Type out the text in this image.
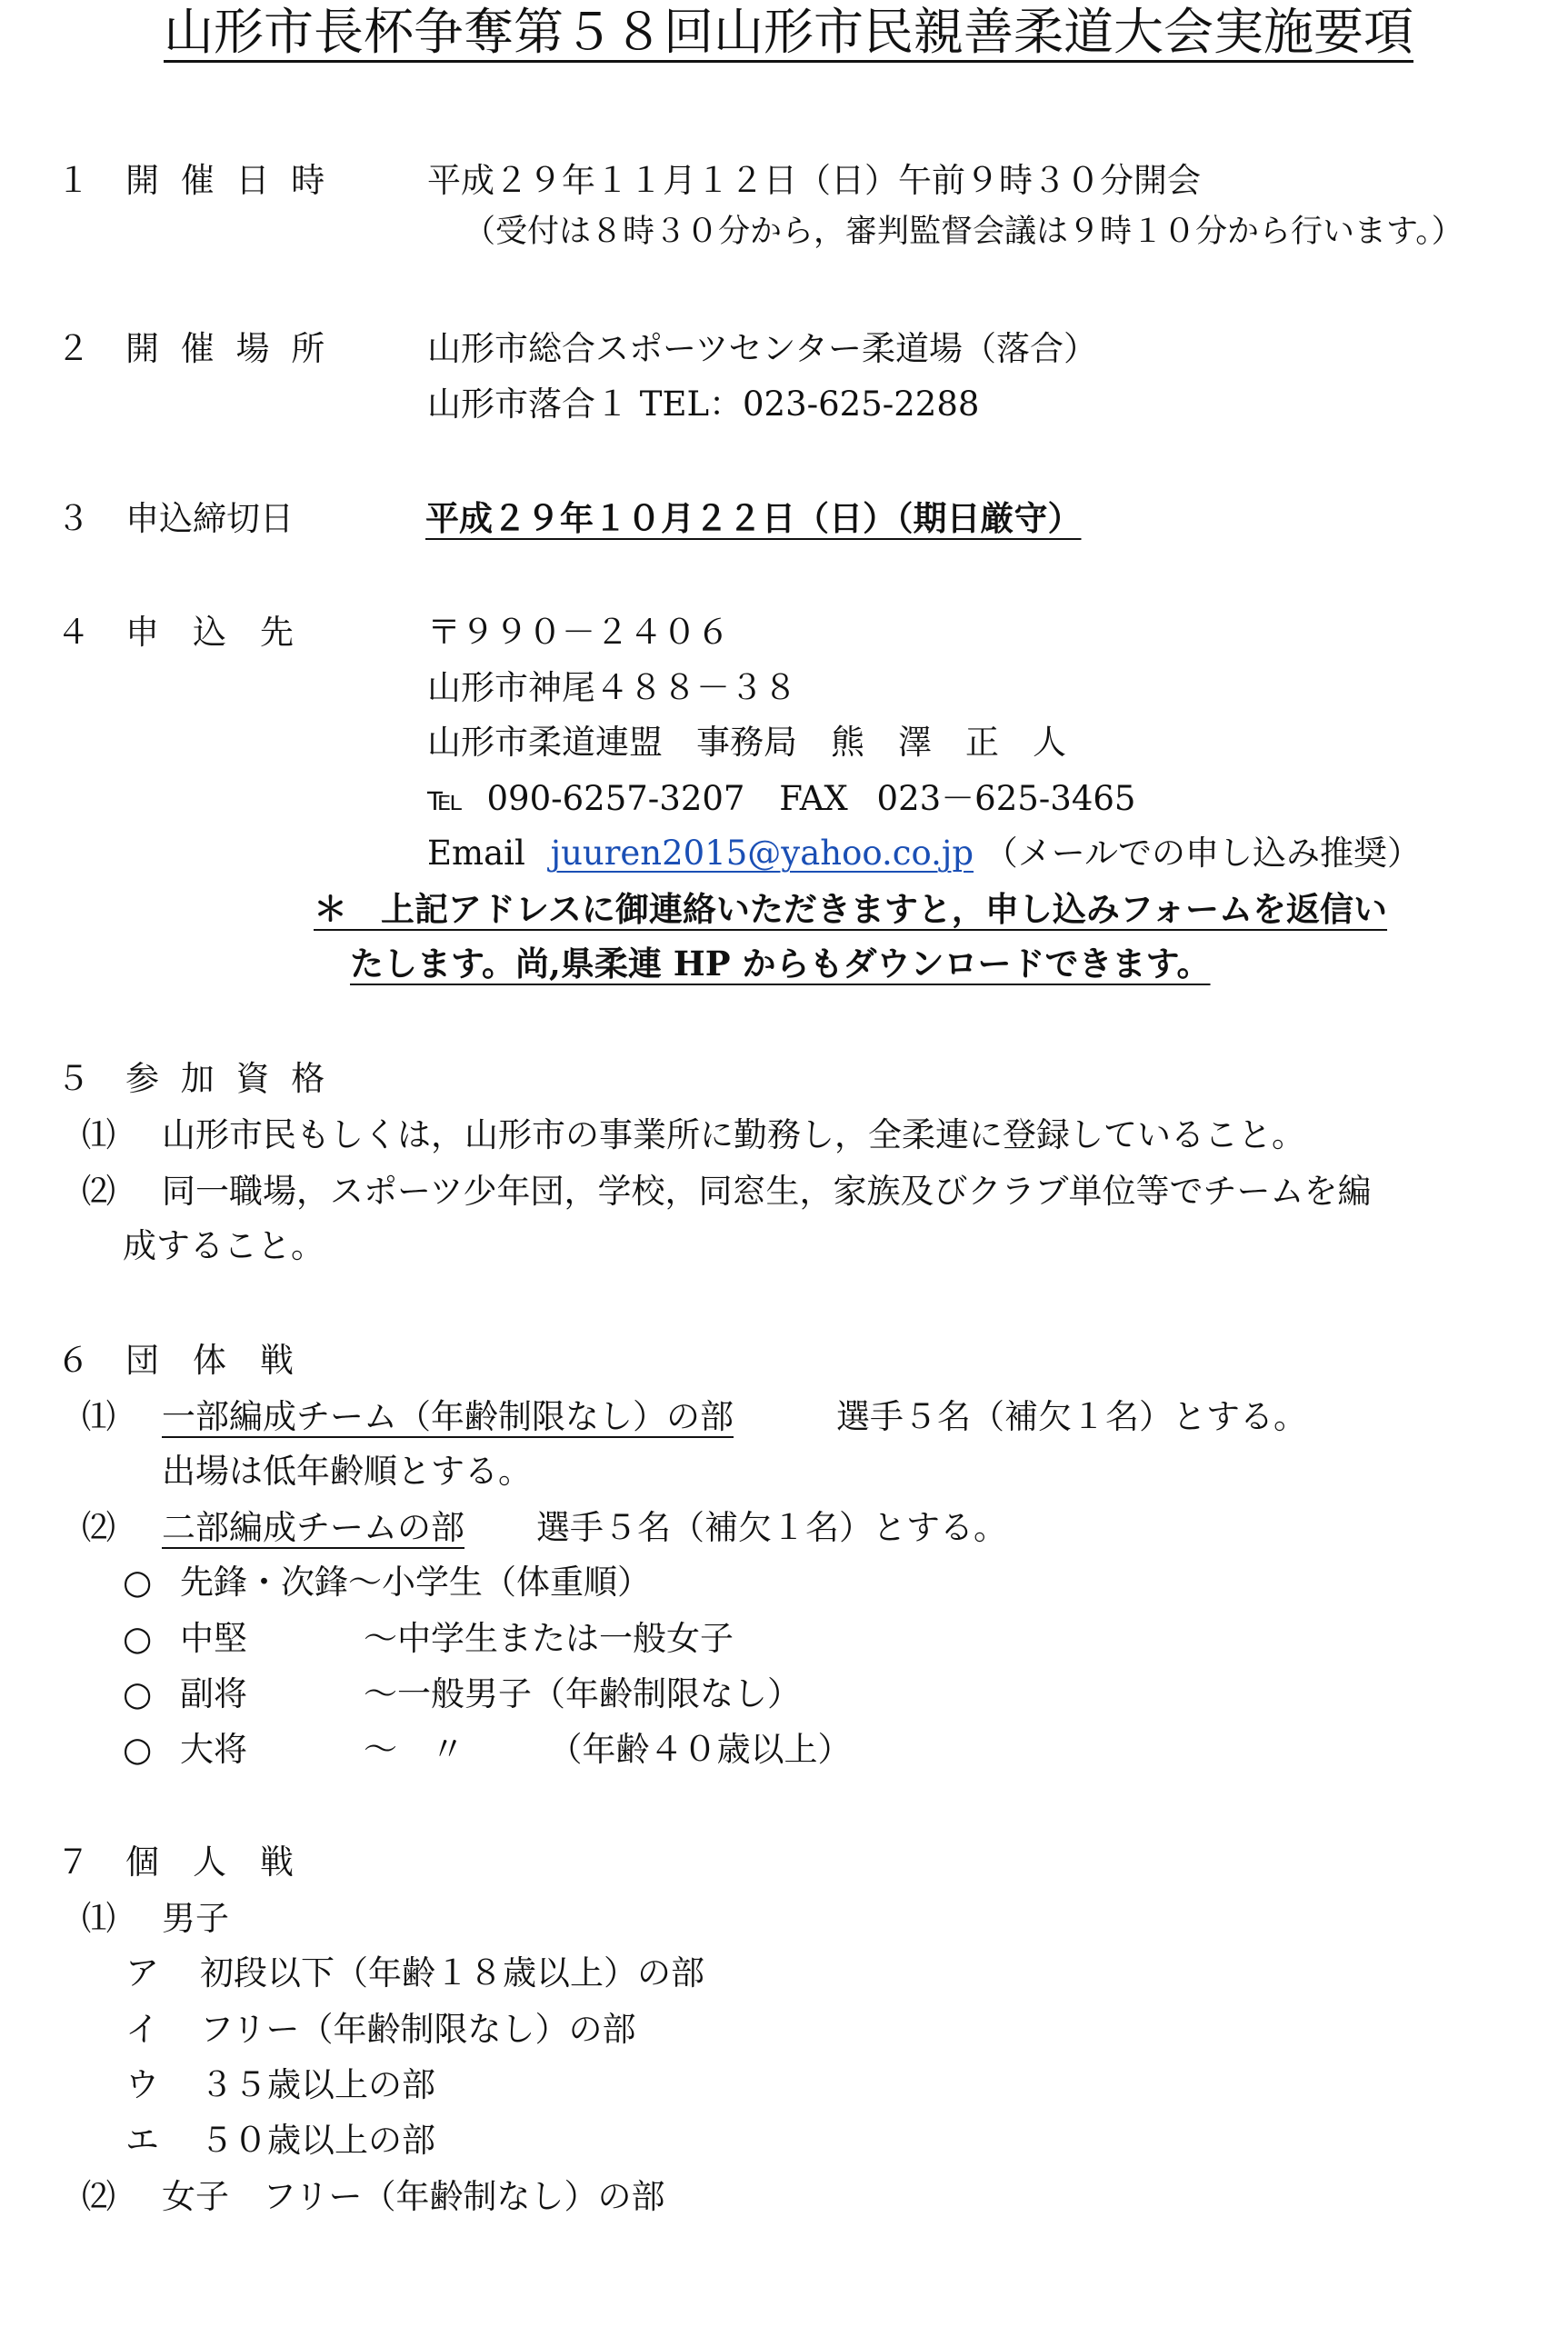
山形市長杯争奪第５８回山形市民親善柔道大会実施要項
１ 開 催 日 時	平成２９年１１月１２日（日）午前９時３０分開会
（受付は８時３０分から，審判監督会議は９時１０分から行います。）
２ 開 催 場 所	山形市総合スポーツセンター柔道場（落合）
山形市落合１ TEL：023-625-2288
３ 申込締切日	平成２９年１０月２２日（日）（期日厳守）
４ 申　込　先	〒９９０－２４０６
山形市神尾４８８－３８
山形市柔道連盟　事務局　熊　澤　正　人
℡ 090-6257-3207 FAX 023－625-3465
Email juuren2015@yahoo.co.jp （メールでの申し込み推奨）
＊　上記アドレスに御連絡いただきますと，申し込みフォームを返信い
たします。尚,県柔連 HP からもダウンロードできます。
５ 参 加 資 格
⑴ 山形市民もしくは，山形市の事業所に勤務し，全柔連に登録していること。
⑵ 同一職場，スポーツ少年団，学校，同窓生，家族及びクラブ単位等でチームを編
成すること。
６ 団　体　戦
⑴ 一部編成チーム（年齢制限なし）の部	選手５名（補欠１名）とする。
出場は低年齢順とする。
⑵ 二部編成チームの部 選手５名（補欠１名）とする。
○ 先鋒・次鋒～小学生（体重順）
○ 中堅	～中学生または一般女子
○ 副将	～一般男子（年齢制限なし）
○ 大将	～　〃　　　（年齢４０歳以上）
７ 個　人　戦
⑴ 男子
ア 初段以下（年齢１８歳以上）の部
イ フリー（年齢制限なし）の部
ウ ３５歳以上の部
エ ５０歳以上の部
⑵ 女子　フリー（年齢制なし）の部
